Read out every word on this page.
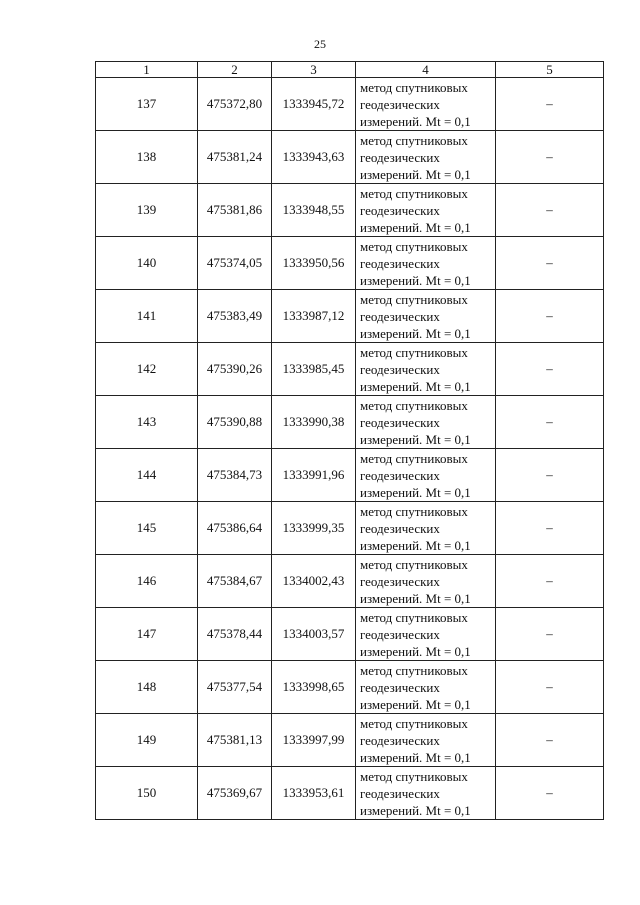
25
1	2	3	4	5
137	475372,80	1333945,72	метод спутниковых
геодезических
измерений. Mt = 0,1	–
138	475381,24	1333943,63	метод спутниковых
геодезических
измерений. Mt = 0,1	–
139	475381,86	1333948,55	метод спутниковых
геодезических
измерений. Mt = 0,1	–
140	475374,05	1333950,56	метод спутниковых
геодезических
измерений. Mt = 0,1	–
141	475383,49	1333987,12	метод спутниковых
геодезических
измерений. Mt = 0,1	–
142	475390,26	1333985,45	метод спутниковых
геодезических
измерений. Mt = 0,1	–
143	475390,88	1333990,38	метод спутниковых
геодезических
измерений. Mt = 0,1	–
144	475384,73	1333991,96	метод спутниковых
геодезических
измерений. Mt = 0,1	–
145	475386,64	1333999,35	метод спутниковых
геодезических
измерений. Mt = 0,1	–
146	475384,67	1334002,43	метод спутниковых
геодезических
измерений. Mt = 0,1	–
147	475378,44	1334003,57	метод спутниковых
геодезических
измерений. Mt = 0,1	–
148	475377,54	1333998,65	метод спутниковых
геодезических
измерений. Mt = 0,1	–
149	475381,13	1333997,99	метод спутниковых
геодезических
измерений. Mt = 0,1	–
150	475369,67	1333953,61	метод спутниковых
геодезических
измерений. Mt = 0,1	–
